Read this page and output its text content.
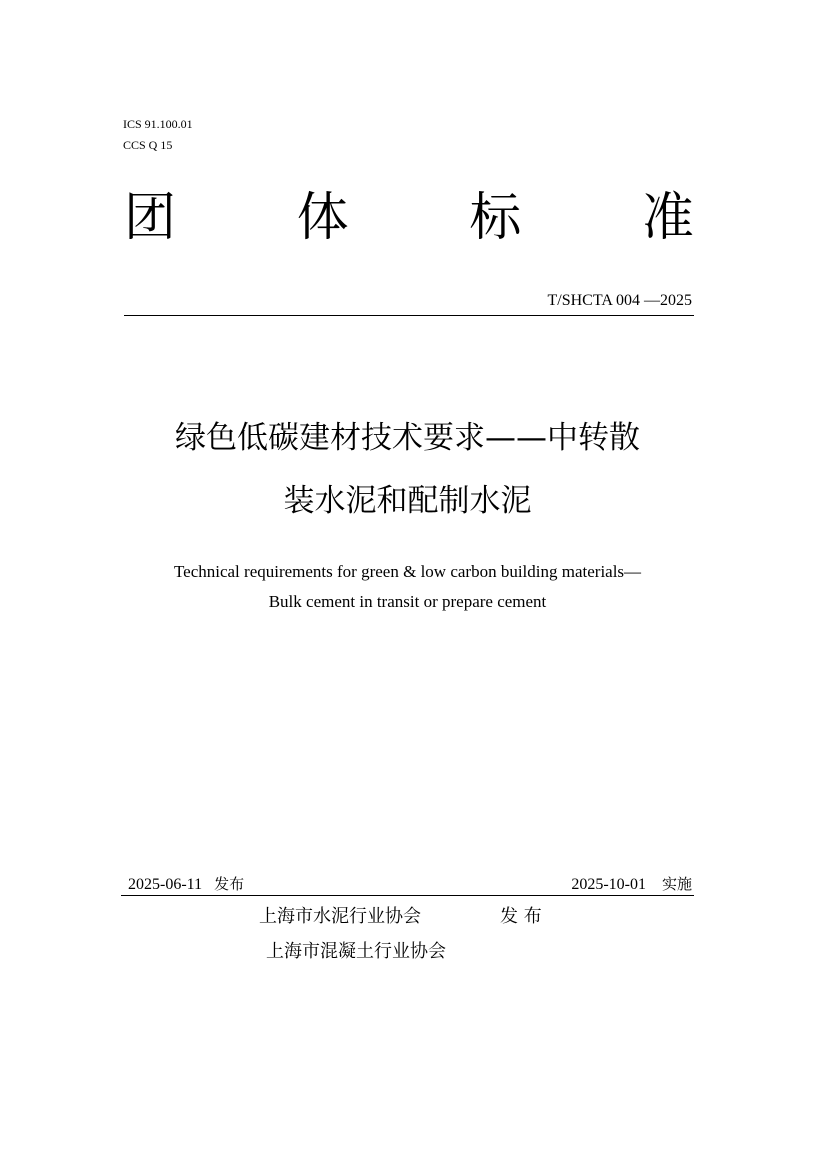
ICS 91.100.01
CCS Q 15
团 体 标 准
T/SHCTA 004 —2025
绿色低碳建材技术要求——中转散
装水泥和配制水泥
Technical requirements for green & low carbon building materials—
Bulk cement in transit or prepare cement
2025-06-11 发布	2025-10-01 实施
上海市水泥行业协会	发 布
上海市混凝土行业协会
